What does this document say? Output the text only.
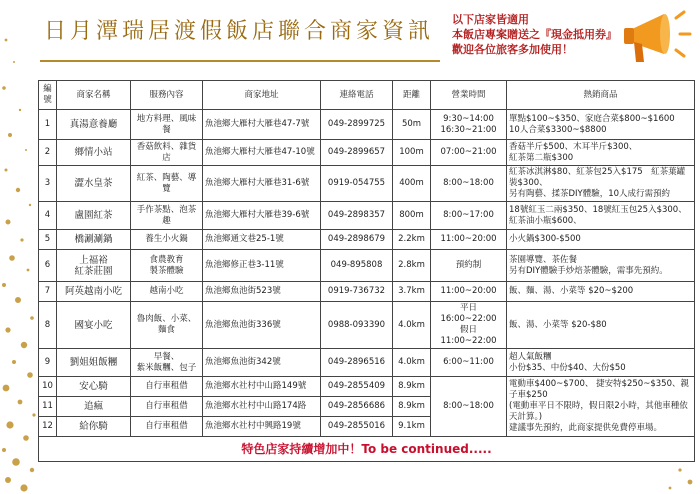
日月潭瑞居渡假飯店聯合商家資訊 以下店家皆適用
本飯店專案贈送之『現金抵用券』
歡迎各位旅客多加使用！
編號	商家名稱	服務內容	商家地址	連絡電話	距離	營業時間	熱銷商品

1	真湯意養廳	地方料理、風味餐	魚池鄉大雁村大雁巷47-7號	049-2899725	50m	9:30~14:00
16:30~21:00	單點$100~$350、家庭合菜$800~$1600
10人合菜$3300~$8800

2	鄉情小站	香菇飲料、雜貨店	魚池鄉大雁村大雁巷47-10號	049-2899657	100m	07:00~21:00	香菇半斤$500、木耳半斤$300、
紅茶第二瓶$300

3	澀水皇茶	紅茶、陶藝、導覽	魚池鄉大雁村大雁巷31-6號	0919-054755	400m	8:00~18:00	紅茶冰淇淋$80、紅茶包25入$175　紅茶葉罐裝$300、
另有陶藝、揉茶DIY體驗，10人成行需預約

4	盧園紅茶	手作茶點、泡茶趣	魚池鄉大雁村大雁巷39-6號	049-2898357	800m	8:00~17:00	18號紅玉二兩$350、18號紅玉包25入$300、
紅茶油小瓶$600、

5	橋涮涮鍋	養生小火鍋	魚池鄉通文巷25-1號	049-2898679	2.2km	11:00~20:00	小火鍋$300-$500

6	上福裕
紅茶莊園	食農教育
製茶體驗	魚池鄉修正巷3-11號	049-895808	2.8km	預約制	茶園導覽、茶佐餐
另有DIY體驗手炒焙茶體驗，需事先預約。

7	阿英越南小吃	越南小吃	魚池鄉魚池街523號	0919-736732	3.7km	11:00~20:00	飯、麵、湯、小菜等 $20~$200

8	國宴小吃	魯肉飯、小菜、麵食	魚池鄉魚池街336號	0988-093390	4.0km	平日16:00~22:00
假日11:00~22:00	飯、湯、小菜等 $20-$80

9	劉姐姐飯糰	早餐、
紫米飯糰、包子	魚池鄉魚池街342號	049-2896516	4.0km	6:00~11:00	超人氣飯糰
小份$35、中份$40、大份$50

10	安心騎	自行車租借	魚池鄉水社村中山路149號	049-2855409	8.9km	8:00~18:00	電動車$400~$700、 捷安特$250~$350、親子車$250
(電動車平日不限時，假日限2小時，其他車種依天計算。)
建議事先預約，此商家提供免費停車場。

11	追瘋	自行車租借	魚池鄉水社村中山路174路	049-2856686	8.9km		

12	給你騎	自行車租借	魚池鄉水社村中興路19號	049-2855016	9.1km		

特色店家持續增加中！To be continued.....							
